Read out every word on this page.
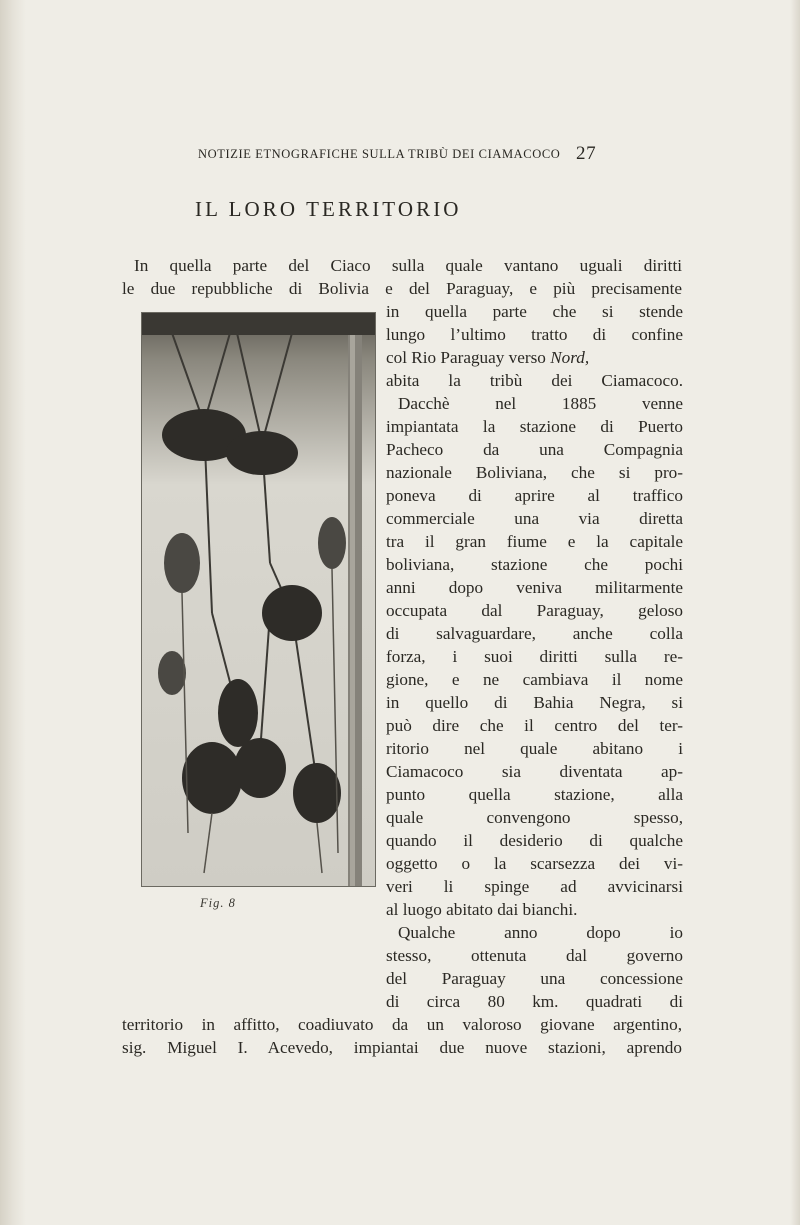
NOTIZIE ETNOGRAFICHE SULLA TRIBÙ DEI CIAMACOCO 27
IL LORO TERRITORIO
In quella parte del Ciaco sulla quale vantano uguali diritti
le due repubbliche di Bolivia e del Paraguay, e più precisamente
Fig. 8
in quella parte che si stende
lungo l’ultimo tratto di confine
col Rio Paraguay verso Nord,
abita la tribù dei Ciamacoco.
Dacchè nel 1885 venne
impiantata la stazione di Puerto
Pacheco da una Compagnia
nazionale Boliviana, che si pro-
poneva di aprire al traffico
commerciale una via diretta
tra il gran fiume e la capitale
boliviana, stazione che pochi
anni dopo veniva militarmente
occupata dal Paraguay, geloso
di salvaguardare, anche colla
forza, i suoi diritti sulla re-
gione, e ne cambiava il nome
in quello di Bahia Negra, si
può dire che il centro del ter-
ritorio nel quale abitano i
Ciamacoco sia diventata ap-
punto quella stazione, alla
quale convengono spesso,
quando il desiderio di qualche
oggetto o la scarsezza dei vi-
veri li spinge ad avvicinarsi
al luogo abitato dai bianchi.
Qualche anno dopo io
stesso, ottenuta dal governo
del Paraguay una concessione
di circa 80 km. quadrati di
territorio in affitto, coadiuvato da un valoroso giovane argentino,
sig. Miguel I. Acevedo, impiantai due nuove stazioni, aprendo
